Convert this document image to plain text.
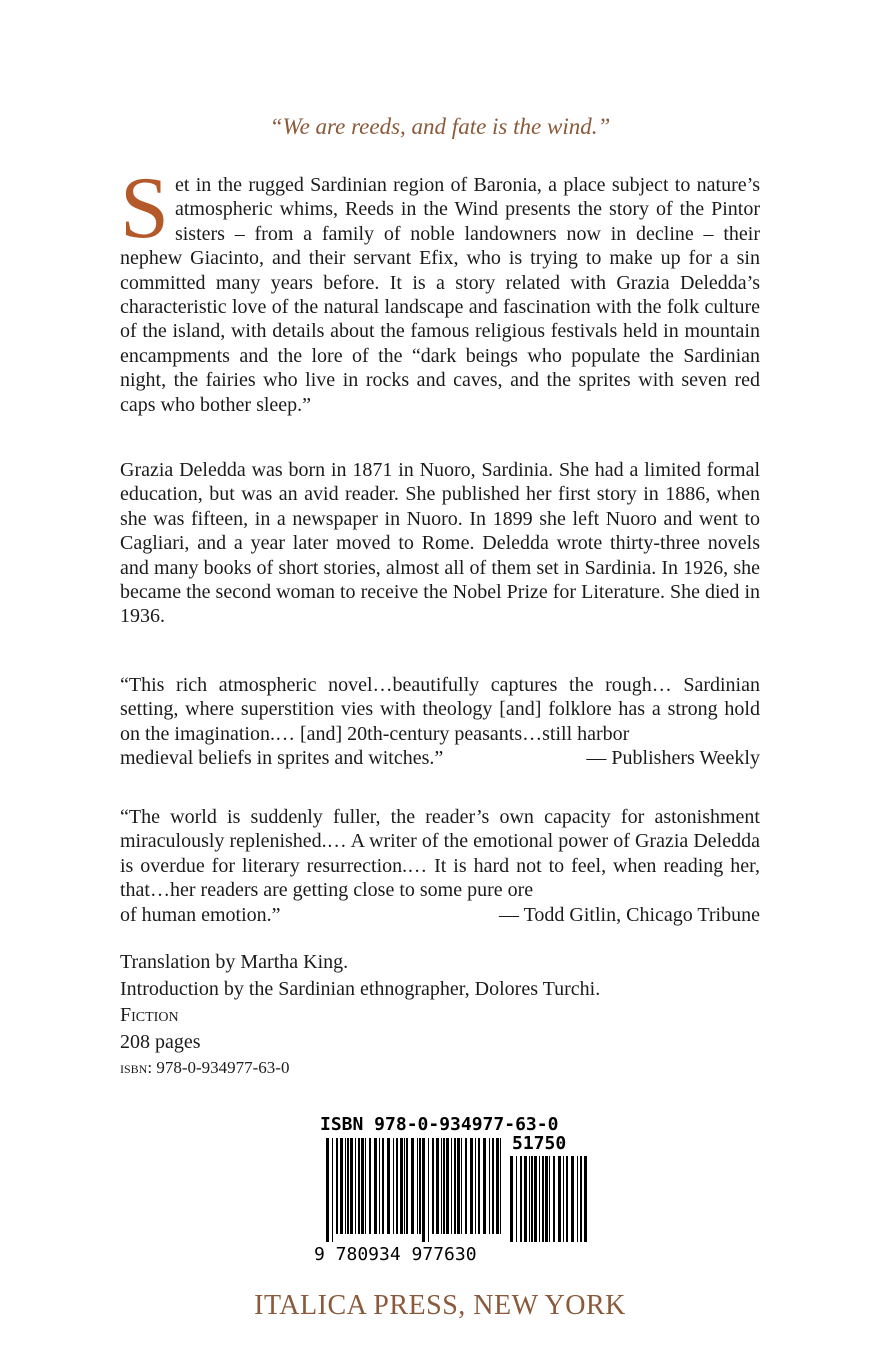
“We are reeds, and fate is the wind.”
Set in the rugged Sardinian region of Baronia, a place subject to nature’s atmospheric whims, Reeds in the Wind presents the story of the Pintor sisters – from a family of noble landowners now in decline – their nephew Giacinto, and their servant Efix, who is trying to make up for a sin committed many years before. It is a story related with Grazia Deledda’s characteristic love of the natural landscape and fascination with the folk culture of the island, with details about the famous religious festivals held in mountain encampments and the lore of the “dark beings who populate the Sardinian night, the fairies who live in rocks and caves, and the sprites with seven red caps who bother sleep.”
Grazia Deledda was born in 1871 in Nuoro, Sardinia. She had a limited formal education, but was an avid reader. She published her first story in 1886, when she was fifteen, in a newspaper in Nuoro. In 1899 she left Nuoro and went to Cagliari, and a year later moved to Rome. Deledda wrote thirty-three novels and many books of short stories, almost all of them set in Sardinia. In 1926, she became the second woman to receive the Nobel Prize for Literature. She died in 1936.
“This rich atmospheric novel…beautifully captures the rough… Sardinian setting, where superstition vies with theology [and] folklore has a strong hold on the imagination.… [and] 20th-century peasants…still harbor
medieval beliefs in sprites and witches.”	— Publishers Weekly
“The world is suddenly fuller, the reader’s own capacity for astonishment miraculously replenished.… A writer of the emotional power of Grazia Deledda is overdue for literary resurrection.… It is hard not to feel, when reading her, that…her readers are getting close to some pure ore
of human emotion.”	— Todd Gitlin, Chicago Tribune
Translation by Martha King.
Introduction by the Sardinian ethnographer, Dolores Turchi.
Fiction
208 pages
isbn: 978-0-934977-63-0
ISBN 978-0-934977-63-0
51750
9 780934 977630
ITALICA PRESS, NEW YORK
